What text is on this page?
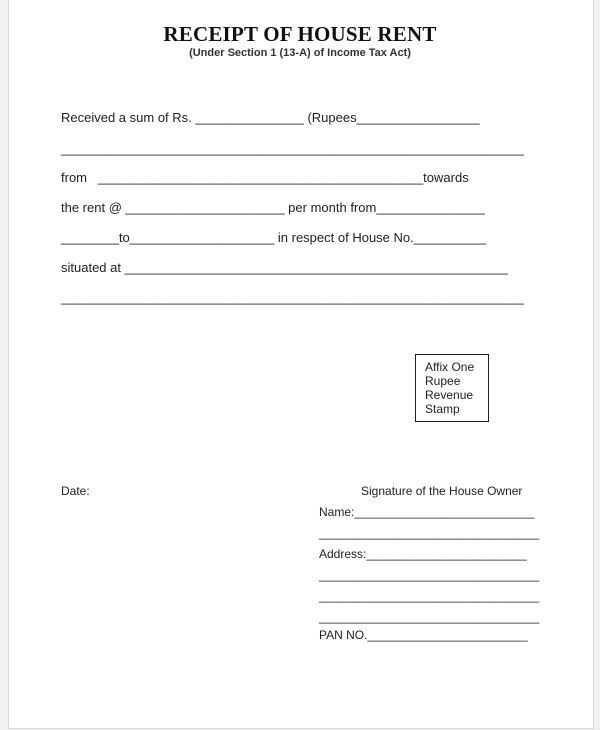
RECEIPT OF HOUSE RENT
(Under Section 1 (13-A) of Income Tax Act)
Received a sum of Rs. _______________ (Rupees_________________
________________________________________________________________
from   _____________________________________________towards
the rent @ ______________________ per month from_______________
________to____________________ in respect of House No.__________
situated at _____________________________________________________
________________________________________________________________
Affix One
Rupee
Revenue
Stamp
Date:	Signature of the House Owner
Name:___________________________
_________________________________
Address:________________________
_________________________________
_________________________________
_________________________________
PAN NO.________________________
